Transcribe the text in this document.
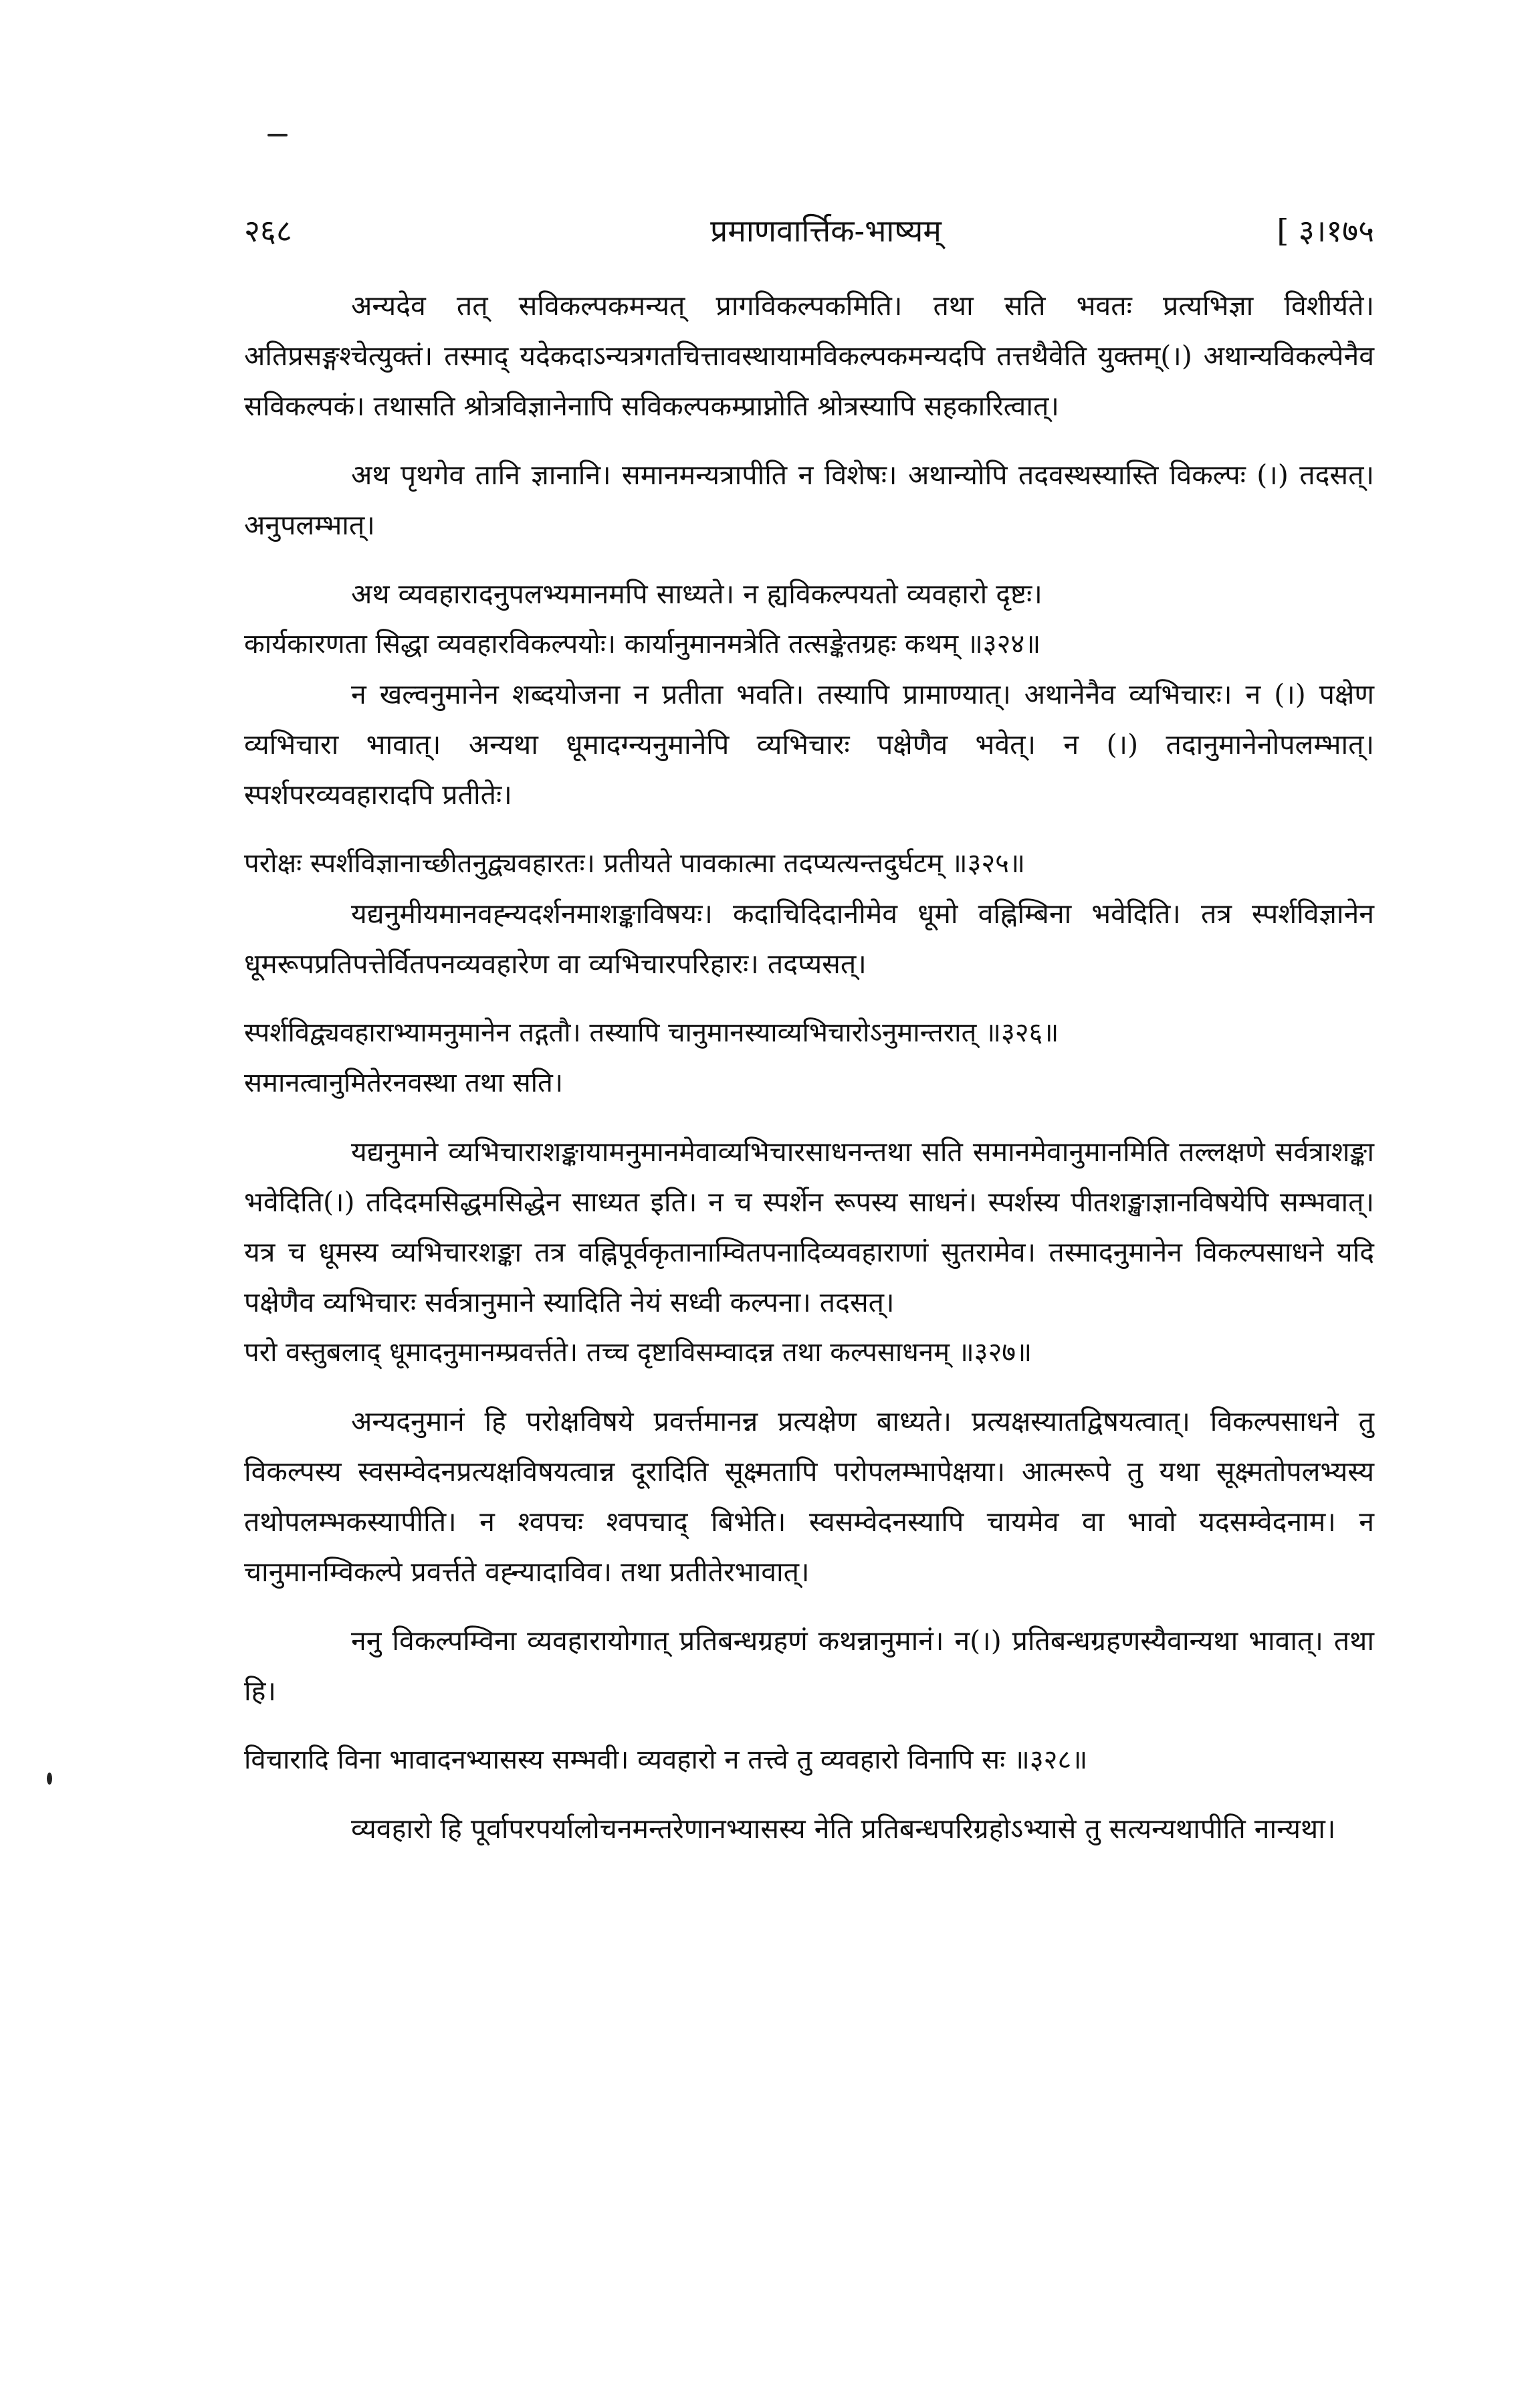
२६८	प्रमाणवार्त्तिक-भाष्यम्	[ ३।१७५

अन्यदेव तत् सविकल्पकमन्यत् प्रागविकल्पकमिति। तथा सति भवतः प्रत्यभिज्ञा विशीर्यते। अतिप्रसङ्गश्चेत्युक्तं। तस्माद् यदेकदाऽन्यत्रगतचित्तावस्थायामविकल्पकमन्यदपि तत्तथैवेति युक्तम्(।) अथान्यविकल्पेनैव सविकल्पकं। तथासति श्रोत्रविज्ञानेनापि सविकल्पकम्प्राप्नोति श्रोत्रस्यापि सहकारित्वात्।

अथ पृथगेव तानि ज्ञानानि। समानमन्यत्रापीति न विशेषः। अथान्योपि तदवस्थस्यास्ति विकल्पः (।) तदसत्। अनुपलम्भात्।

अथ व्यवहारादनुपलभ्यमानमपि साध्यते। न ह्यविकल्पयतो व्यवहारो दृष्टः।

कार्यकारणता सिद्धा व्यवहारविकल्पयोः। कार्यानुमानमत्रेति तत्सङ्केतग्रहः कथम् ॥३२४॥

न खल्वनुमानेन शब्दयोजना न प्रतीता भवति। तस्यापि प्रामाण्यात्। अथानेनैव व्यभिचारः। न (।) पक्षेण व्यभिचारा भावात्। अन्यथा धूमादग्न्यनुमानेपि व्यभिचारः पक्षेणैव भवेत्। न (।) तदानुमानेनोपलम्भात्। स्पर्शपरव्यवहारादपि प्रतीतेः।

परोक्षः स्पर्शविज्ञानाच्छीतनुद्व्यवहारतः। प्रतीयते पावकात्मा तदप्यत्यन्तदुर्घटम् ॥३२५॥

यद्यनुमीयमानवह्न्यदर्शनमाशङ्काविषयः। कदाचिदिदानीमेव धूमो वह्निम्बिना भवेदिति। तत्र स्पर्शविज्ञानेन धूमरूपप्रतिपत्तेर्वितपनव्यवहारेण वा व्यभिचारपरिहारः। तदप्यसत्।

स्पर्शविद्व्यवहाराभ्यामनुमानेन तद्गतौ। तस्यापि चानुमानस्याव्यभिचारोऽनुमान्तरात् ॥३२६॥

समानत्वानुमितेरनवस्था तथा सति।

यद्यनुमाने व्यभिचाराशङ्कायामनुमानमेवाव्यभिचारसाधनन्तथा सति समानमेवानुमानमिति तल्लक्षणे सर्वत्राशङ्का भवेदिति(।) तदिदमसिद्धमसिद्धेन साध्यत इति। न च स्पर्शेन रूपस्य साधनं। स्पर्शस्य पीतशङ्खाज्ञानविषयेपि सम्भवात्। यत्र च धूमस्य व्यभिचारशङ्का तत्र वह्निपूर्वकृतानाम्वितपनादिव्यवहाराणां सुतरामेव। तस्मादनुमानेन विकल्पसाधने यदि पक्षेणैव व्यभिचारः सर्वत्रानुमाने स्यादिति नेयं सध्वी कल्पना। तदसत्।

परो वस्तुबलाद् धूमादनुमानम्प्रवर्त्तते। तच्च दृष्टाविसम्वादन्न तथा कल्पसाधनम् ॥३२७॥

अन्यदनुमानं हि परोक्षविषये प्रवर्त्तमानन्न प्रत्यक्षेण बाध्यते। प्रत्यक्षस्यातद्विषयत्वात्। विकल्पसाधने तु विकल्पस्य स्वसम्वेदनप्रत्यक्षविषयत्वान्न दूरादिति सूक्ष्मतापि परोपलम्भापेक्षया। आत्मरूपे तु यथा सूक्ष्मतोपलभ्यस्य तथोपलम्भकस्यापीति। न श्वपचः श्वपचाद् बिभेति। स्वसम्वेदनस्यापि चायमेव वा भावो यदसम्वेदनाम। न चानुमानम्विकल्पे प्रवर्त्तते वह्न्यादाविव। तथा प्रतीतेरभावात्।

ननु विकल्पम्विना व्यवहारायोगात् प्रतिबन्धग्रहणं कथन्नानुमानं। न(।) प्रतिबन्धग्रहणस्यैवान्यथा भावात्। तथा हि।

विचारादि विना भावादनभ्यासस्य सम्भवी। व्यवहारो न तत्त्वे तु व्यवहारो विनापि सः ॥३२८॥

व्यवहारो हि पूर्वापरपर्यालोचनमन्तरेणानभ्यासस्य नेति प्रतिबन्धपरिग्रहोऽभ्यासे तु सत्यन्यथापीति नान्यथा।
